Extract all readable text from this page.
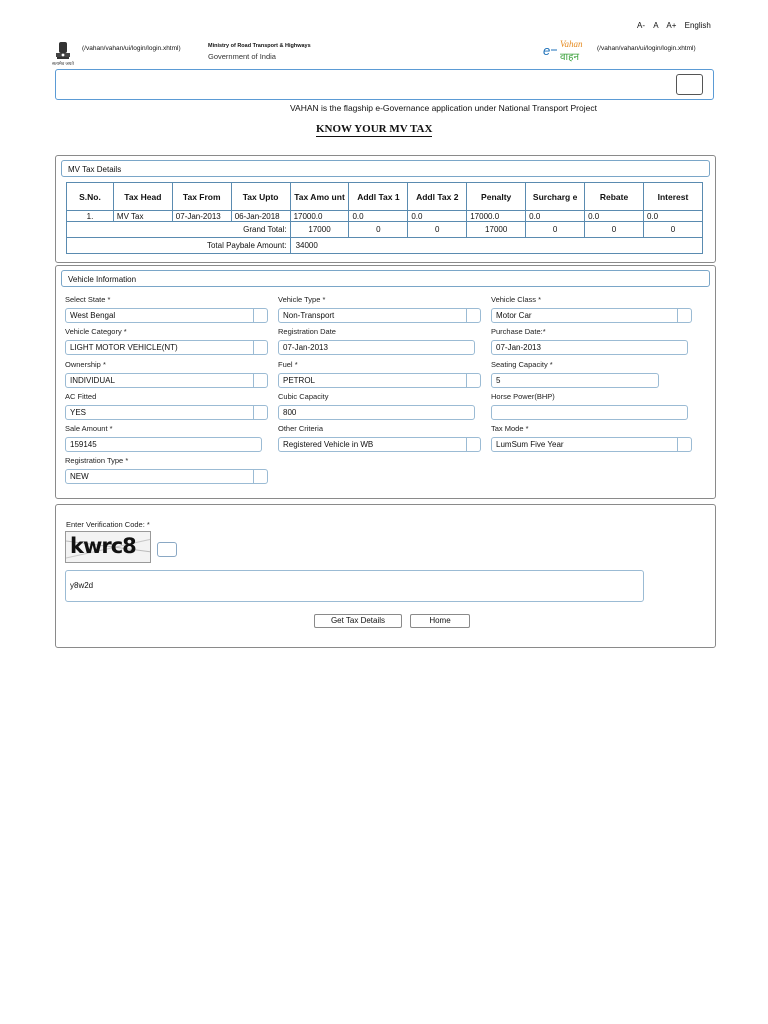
A- A A+ English
सत्यमेव जयते
(/vahan/vahan/ui/login/login.xhtml)	Ministry of Road Transport & Highways
Government of India	e Vahan
वाहन
(/vahan/vahan/ui/login/login.xhtml)
VAHAN is the flagship e-Governance application under National Transport Project
KNOW YOUR MV TAX
MV Tax Details
S.No.	Tax Head	Tax From	Tax Upto	Tax Amo unt	Addl Tax 1	Addl Tax 2	Penalty	Surcharg e	Rebate	Interest
1.	MV Tax	07-Jan-2013	06-Jan-2018	17000.0	0.0	0.0	17000.0	0.0	0.0	0.0
Grand Total:				17000	0	0	17000	0	0	0
Total Paybale Amount:				34000						
Vehicle Information
Select State *
West Bengal
Vehicle Type *
Non-Transport
Vehicle Class *
Motor Car
Vehicle Category *
LIGHT MOTOR VEHICLE(NT)
Registration Date
07-Jan-2013
Purchase Date:*
07-Jan-2013
Ownership *
INDIVIDUAL
Fuel *
PETROL
Seating Capacity *
5
AC Fitted
YES
Cubic Capacity
800
Horse Power(BHP)
Sale Amount *
159145
Other Criteria
Registered Vehicle in WB
Tax Mode *
LumSum Five Year
Registration Type *
NEW
Enter Verification Code: *
kwrc8
y8w2d
Get Tax Details	Home
